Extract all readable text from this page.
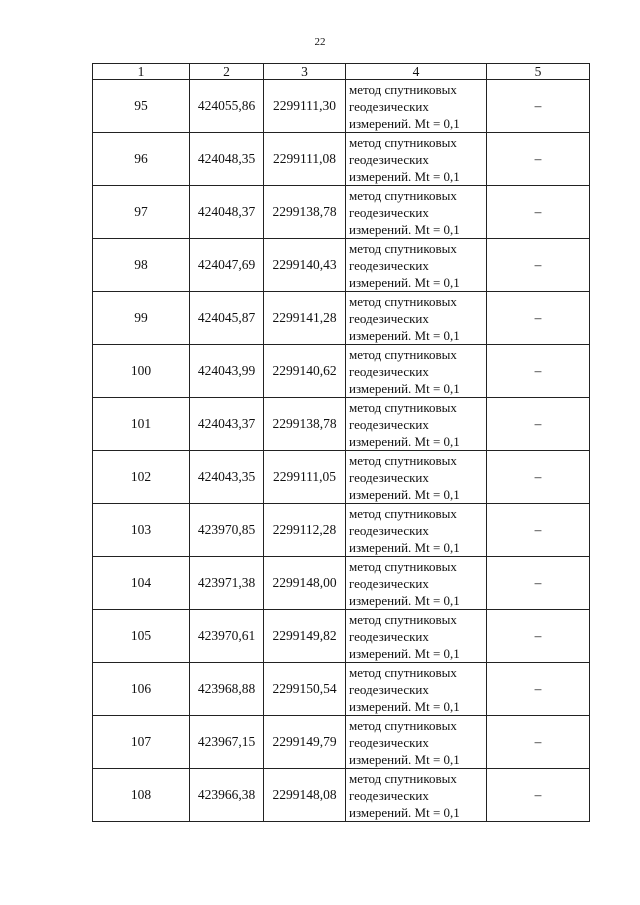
22
1	2	3	4	5
95	424055,86	2299111,30	метод спутниковых
геодезических
измерений. Mt = 0,1	–
96	424048,35	2299111,08	метод спутниковых
геодезических
измерений. Mt = 0,1	–
97	424048,37	2299138,78	метод спутниковых
геодезических
измерений. Mt = 0,1	–
98	424047,69	2299140,43	метод спутниковых
геодезических
измерений. Mt = 0,1	–
99	424045,87	2299141,28	метод спутниковых
геодезических
измерений. Mt = 0,1	–
100	424043,99	2299140,62	метод спутниковых
геодезических
измерений. Mt = 0,1	–
101	424043,37	2299138,78	метод спутниковых
геодезических
измерений. Mt = 0,1	–
102	424043,35	2299111,05	метод спутниковых
геодезических
измерений. Mt = 0,1	–
103	423970,85	2299112,28	метод спутниковых
геодезических
измерений. Mt = 0,1	–
104	423971,38	2299148,00	метод спутниковых
геодезических
измерений. Mt = 0,1	–
105	423970,61	2299149,82	метод спутниковых
геодезических
измерений. Mt = 0,1	–
106	423968,88	2299150,54	метод спутниковых
геодезических
измерений. Mt = 0,1	–
107	423967,15	2299149,79	метод спутниковых
геодезических
измерений. Mt = 0,1	–
108	423966,38	2299148,08	метод спутниковых
геодезических
измерений. Mt = 0,1	–
